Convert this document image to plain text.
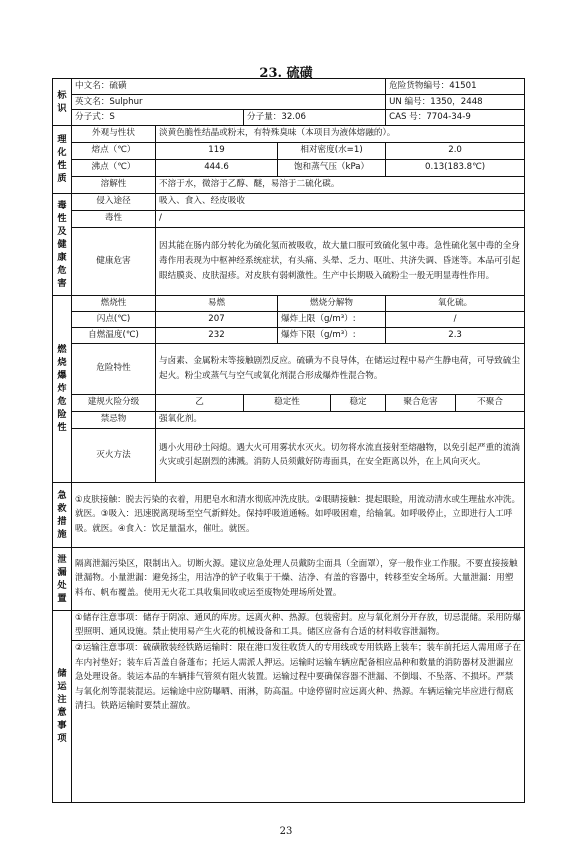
23. 硫磺
标识	中文名：硫磺					危险货物编号：41501	
	英文名：Sulphur					UN 编号：1350，2448	
	分子式：S		分子量：32.06			CAS 号：7704-34-9	

理化性质	外观与性状	淡黄色脆性结晶或粉末，有特殊臭味（本项目为液体熔融的）。					
	熔点（℃）	119		相对密度(水=1)		2.0	
	沸点（℃）	444.6		饱和蒸气压（kPa）		0.13(183.8℃)	
	溶解性	不溶于水，微溶于乙醇、醚，易溶于二硫化碳。					

毒性及健康危害	侵入途径	吸入、食入、经皮吸收					
	毒性	/					
	健康危害	因其能在肠内部分转化为硫化氢而被吸收，故大量口服可致硫化氢中毒。急性硫化氢中毒的全身毒作用表现为中枢神经系统症状，有头痛、头晕、乏力、呕吐、共济失调、昏迷等。本品可引起眼结膜炎、皮肤湿疹。对皮肤有弱刺激性。生产中长期吸入硫粉尘一般无明显毒性作用。					

燃烧爆炸危险性	燃烧性	易燃		燃烧分解物		氧化硫。	
	闪点(℃)	207		爆炸上限（g/m³）:		/	
	自燃温度(℃)	232		爆炸下限（g/m³）:		2.3	
	危险特性	与卤素、金属粉末等接触剧烈反应。硫磺为不良导体，在储运过程中易产生静电荷，可导致硫尘起火。粉尘或蒸气与空气或氧化剂混合形成爆炸性混合物。					
	建规火险分级	乙	稳定性		稳定	聚合危害	不聚合
	禁忌物	强氧化剂。					
	灭火方法	遇小火用砂土闷熄。遇大火可用雾状水灭火。切勿将水流直接射至熔融物，以免引起严重的流淌火灾或引起剧烈的沸溅。消防人员须戴好防毒面具，在安全距离以外，在上风向灭火。					

急救措施	①皮肤接触：脱去污染的衣着，用肥皂水和清水彻底冲洗皮肤。②眼睛接触：提起眼睑，用流动清水或生理盐水冲洗。就医。③吸入：迅速脱离现场至空气新鲜处。保持呼吸道通畅。如呼吸困难，给输氧。如呼吸停止，立即进行人工呼吸。就医。④食入：饮足量温水，催吐。就医。						

泄漏处置	隔离泄漏污染区，限制出入。切断火源。建议应急处理人员戴防尘面具（全面罩），穿一般作业工作服。不要直接接触泄漏物。小量泄漏：避免扬尘，用洁净的铲子收集于干燥、洁净、有盖的容器中，转移至安全场所。大量泄漏：用塑料布、帆布覆盖。使用无火花工具收集回收或运至废物处理场所处置。						

储运注意事项	①储存注意事项：储存于阴凉、通风的库房。远离火种、热源。包装密封。应与氧化剂分开存放，切忌混储。采用防爆型照明、通风设施。禁止使用易产生火花的机械设备和工具。储区应备有合适的材料收容泄漏物。
②运输注意事项：硫磺散装经铁路运输时：限在港口发往收货人的专用线或专用铁路上装车；装车前托运人需用席子在车内衬垫好；装车后苫盖自备蓬布；托运人需派人押运。运输时运输车辆应配备相应品种和数量的消防器材及泄漏应急处理设备。装运本品的车辆排气管须有阻火装置。运输过程中要确保容器不泄漏、不倒塌、不坠落、不损坏。严禁与氧化剂等混装混运。运输途中应防曝晒、雨淋，防高温。中途停留时应远离火种、热源。车辆运输完毕应进行彻底清扫。铁路运输时要禁止溜放。						
23
